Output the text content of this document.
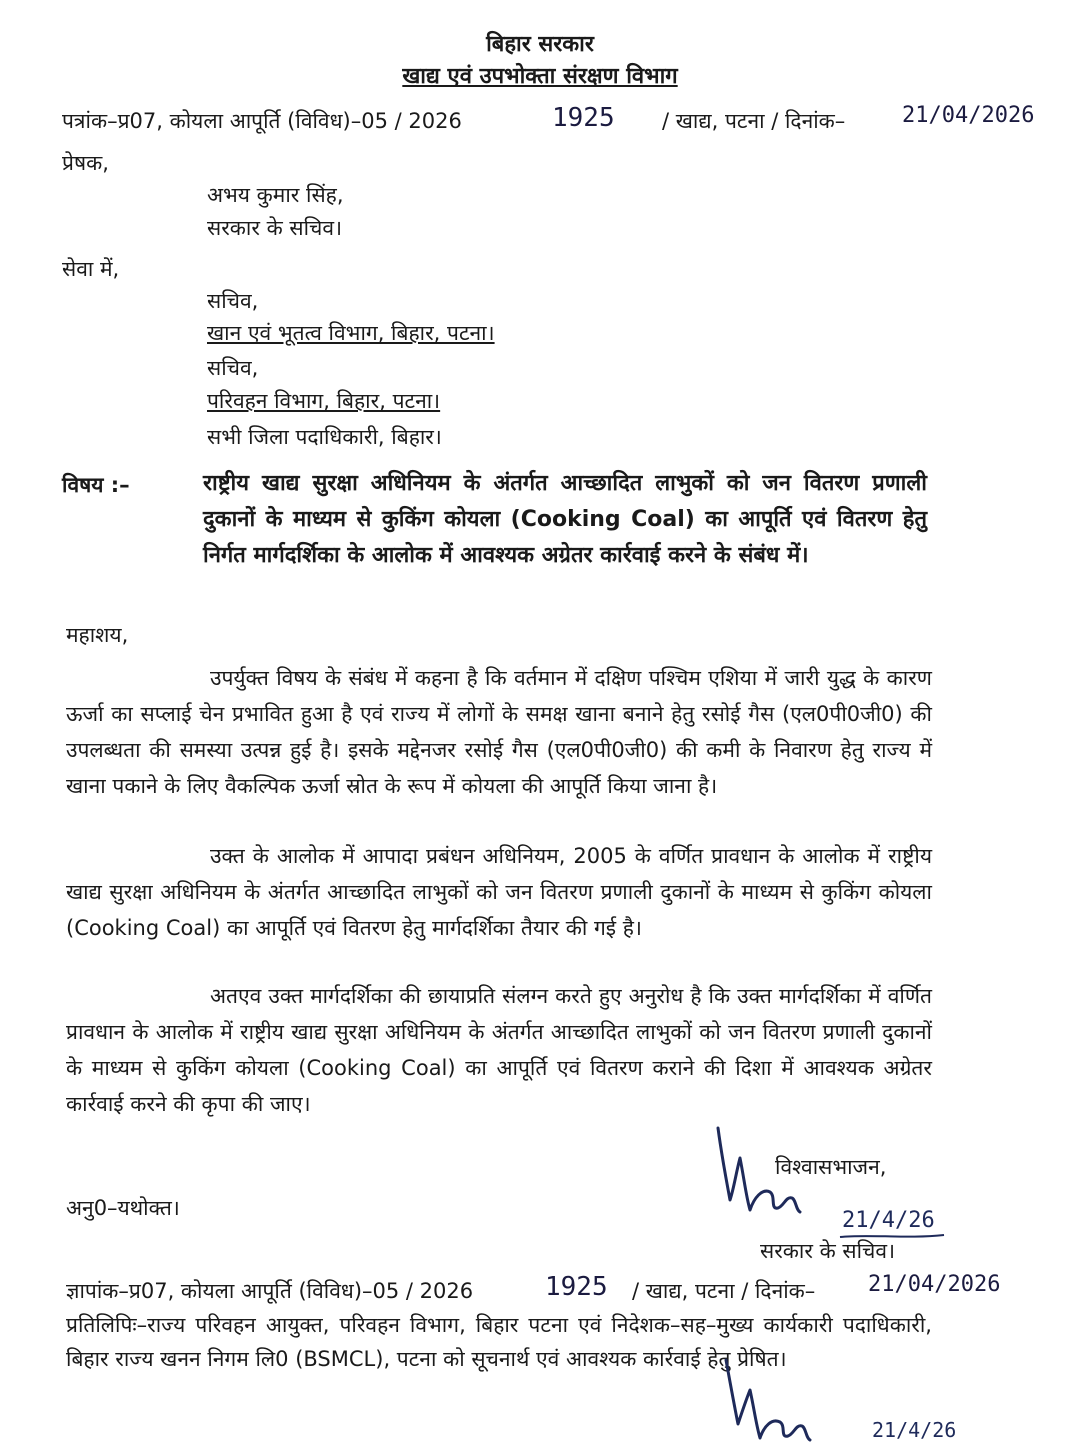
बिहार सरकार
खाद्य एवं उपभोक्ता संरक्षण विभाग
पत्रांक–प्र07, कोयला आपूर्ति (विविध)–05 / 2026	1925 / खाद्य, पटना / दिनांक–	21/04/2026
प्रेषक,
अभय कुमार सिंह,
सरकार के सचिव।
सेवा में,
सचिव,
खान एवं भूतत्व विभाग, बिहार, पटना।
सचिव,
परिवहन विभाग, बिहार, पटना।
सभी जिला पदाधिकारी, बिहार।
विषय :–	राष्ट्रीय खाद्य सुरक्षा अधिनियम के अंतर्गत आच्छादित लाभुकों को जन वितरण प्रणाली दुकानों के माध्यम से कुकिंग कोयला (Cooking Coal) का आपूर्ति एवं वितरण हेतु निर्गत मार्गदर्शिका के आलोक में आवश्यक अग्रेतर कार्रवाई करने के संबंध में।
महाशय,
उपर्युक्त विषय के संबंध में कहना है कि वर्तमान में दक्षिण पश्चिम एशिया में जारी युद्ध के कारण ऊर्जा का सप्लाई चेन प्रभावित हुआ है एवं राज्य में लोगों के समक्ष खाना बनाने हेतु रसोई गैस (एल0पी0जी0) की उपलब्धता की समस्या उत्पन्न हुई है। इसके मद्देनजर रसोई गैस (एल0पी0जी0) की कमी के निवारण हेतु राज्य में खाना पकाने के लिए वैकल्पिक ऊर्जा स्रोत के रूप में कोयला की आपूर्ति किया जाना है।
उक्त के आलोक में आपादा प्रबंधन अधिनियम, 2005 के वर्णित प्रावधान के आलोक में राष्ट्रीय खाद्य सुरक्षा अधिनियम के अंतर्गत आच्छादित लाभुकों को जन वितरण प्रणाली दुकानों के माध्यम से कुकिंग कोयला (Cooking Coal) का आपूर्ति एवं वितरण हेतु मार्गदर्शिका तैयार की गई है।
अतएव उक्त मार्गदर्शिका की छायाप्रति संलग्न करते हुए अनुरोध है कि उक्त मार्गदर्शिका में वर्णित प्रावधान के आलोक में राष्ट्रीय खाद्य सुरक्षा अधिनियम के अंतर्गत आच्छादित लाभुकों को जन वितरण प्रणाली दुकानों के माध्यम से कुकिंग कोयला (Cooking Coal) का आपूर्ति एवं वितरण कराने की दिशा में आवश्यक अग्रेतर कार्रवाई करने की कृपा की जाए।
विश्वासभाजन,
अनु0–यथोक्त।	21/4/26
सरकार के सचिव।
ज्ञापांक–प्र07, कोयला आपूर्ति (विविध)–05 / 2026	1925 / खाद्य, पटना / दिनांक– 21/04/2026
प्रतिलिपिः–राज्य परिवहन आयुक्त, परिवहन विभाग, बिहार पटना एवं निदेशक–सह–मुख्य कार्यकारी पदाधिकारी, बिहार राज्य खनन निगम लि0 (BSMCL), पटना को सूचनार्थ एवं आवश्यक कार्रवाई हेतु प्रेषित।
21/4/26
